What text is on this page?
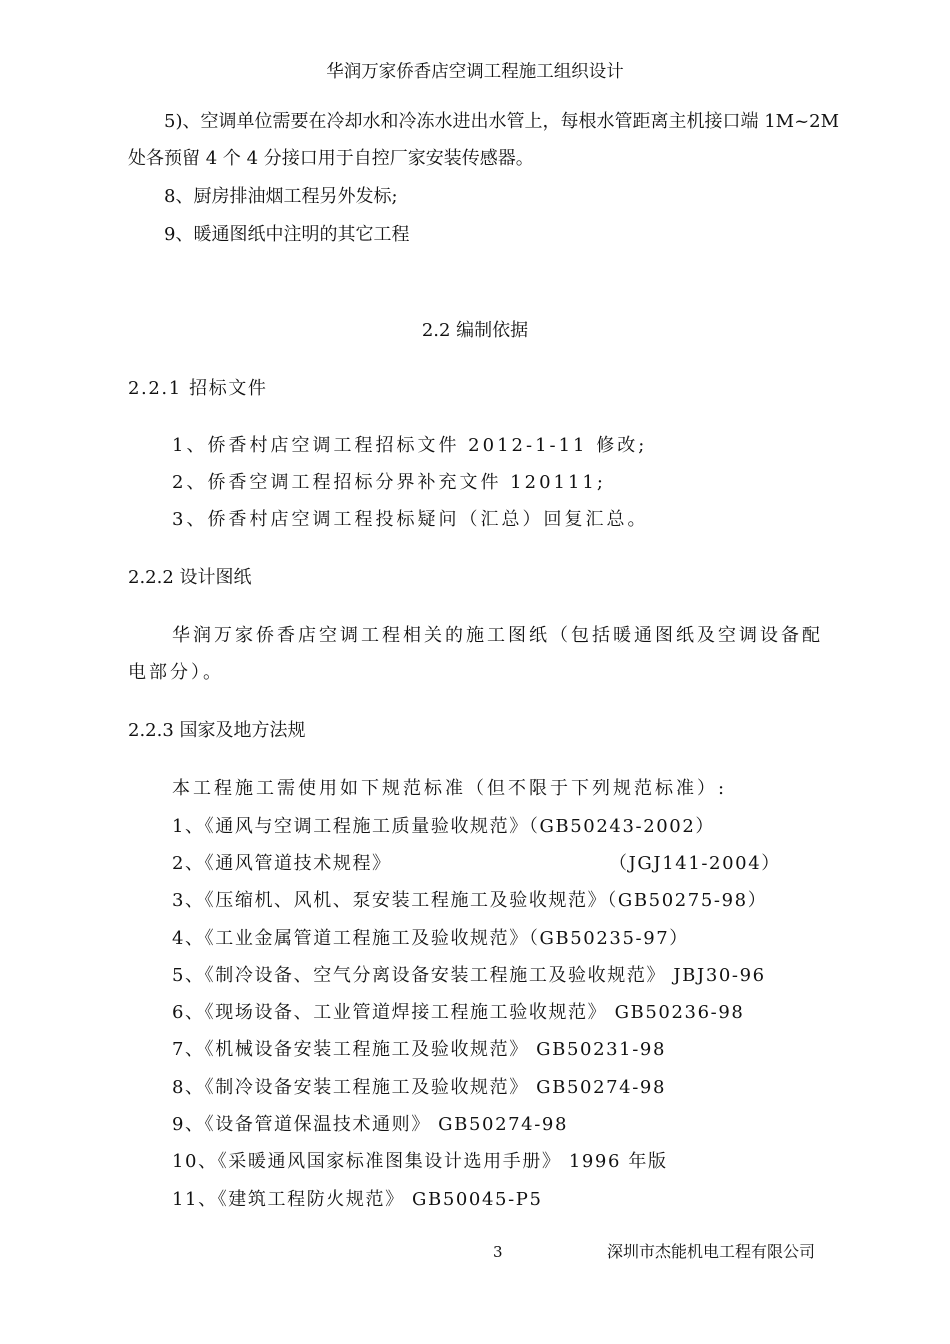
华润万家侨香店空调工程施工组织设计
5)、空调单位需要在冷却水和冷冻水进出水管上，每根水管距离主机接口端 1M~2M
处各预留 4 个 4 分接口用于自控厂家安装传感器。
8、厨房排油烟工程另外发标;
9、暖通图纸中注明的其它工程
2.2 编制依据
2.2.1 招标文件
1、侨香村店空调工程招标文件 2012-1-11 修改;
2、侨香空调工程招标分界补充文件 120111;
3、侨香村店空调工程投标疑问（汇总）回复汇总。
2.2.2 设计图纸
华润万家侨香店空调工程相关的施工图纸（包括暖通图纸及空调设备配
电部分）。
2.2.3 国家及地方法规
本工程施工需使用如下规范标准（但不限于下列规范标准）:
1、《通风与空调工程施工质量验收规范》（GB50243-2002）
2、《通风管道技术规程》	（JGJ141-2004）
3、《压缩机、风机、泵安装工程施工及验收规范》（GB50275-98）
4、《工业金属管道工程施工及验收规范》（GB50235-97）
5、《制冷设备、空气分离设备安装工程施工及验收规范》 JBJ30-96
6、《现场设备、工业管道焊接工程施工验收规范》 GB50236-98
7、《机械设备安装工程施工及验收规范》 GB50231-98
8、《制冷设备安装工程施工及验收规范》 GB50274-98
9、《设备管道保温技术通则》 GB50274-98
10、《采暖通风国家标准图集设计选用手册》 1996 年版
11、《建筑工程防火规范》 GB50045-P5
3	深圳市杰能机电工程有限公司
